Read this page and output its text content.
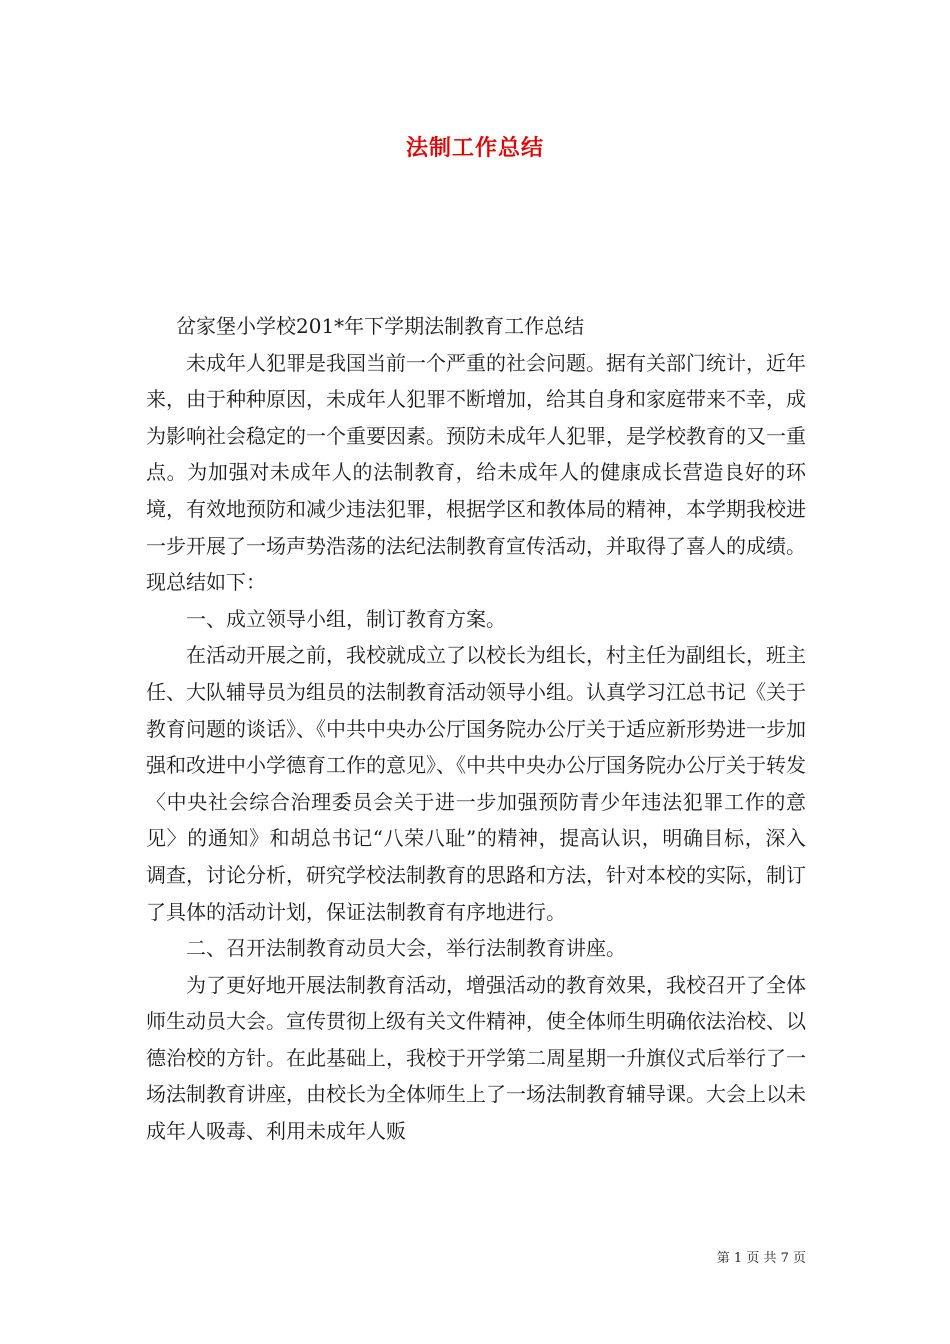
法制工作总结

岔家堡小学校201*年下学期法制教育工作总结

未成年人犯罪是我国当前一个严重的社会问题。据有关部门统计，近年来，由于种种原因，未成年人犯罪不断增加，给其自身和家庭带来不幸，成为影响社会稳定的一个重要因素。预防未成年人犯罪，是学校教育的又一重点。为加强对未成年人的法制教育，给未成年人的健康成长营造良好的环境，有效地预防和减少违法犯罪，根据学区和教体局的精神，本学期我校进一步开展了一场声势浩荡的法纪法制教育宣传活动，并取得了喜人的成绩。现总结如下：

一、成立领导小组，制订教育方案。

在活动开展之前，我校就成立了以校长为组长，村主任为副组长，班主任、大队辅导员为组员的法制教育活动领导小组。认真学习江总书记《关于教育问题的谈话》、《中共中央办公厅国务院办公厅关于适应新形势进一步加强和改进中小学德育工作的意见》、《中共中央办公厅国务院办公厅关于转发〈中央社会综合治理委员会关于进一步加强预防青少年违法犯罪工作的意见〉的通知》和胡总书记“八荣八耻”的精神，提高认识，明确目标，深入调查，讨论分析，研究学校法制教育的思路和方法，针对本校的实际，制订了具体的活动计划，保证法制教育有序地进行。

二、召开法制教育动员大会，举行法制教育讲座。

为了更好地开展法制教育活动，增强活动的教育效果，我校召开了全体师生动员大会。宣传贯彻上级有关文件精神，使全体师生明确依法治校、以德治校的方针。在此基础上，我校于开学第二周星期一升旗仪式后举行了一场法制教育讲座，由校长为全体师生上了一场法制教育辅导课。大会上以未成年人吸毒、利用未成年人贩

第 1 页 共 7 页
